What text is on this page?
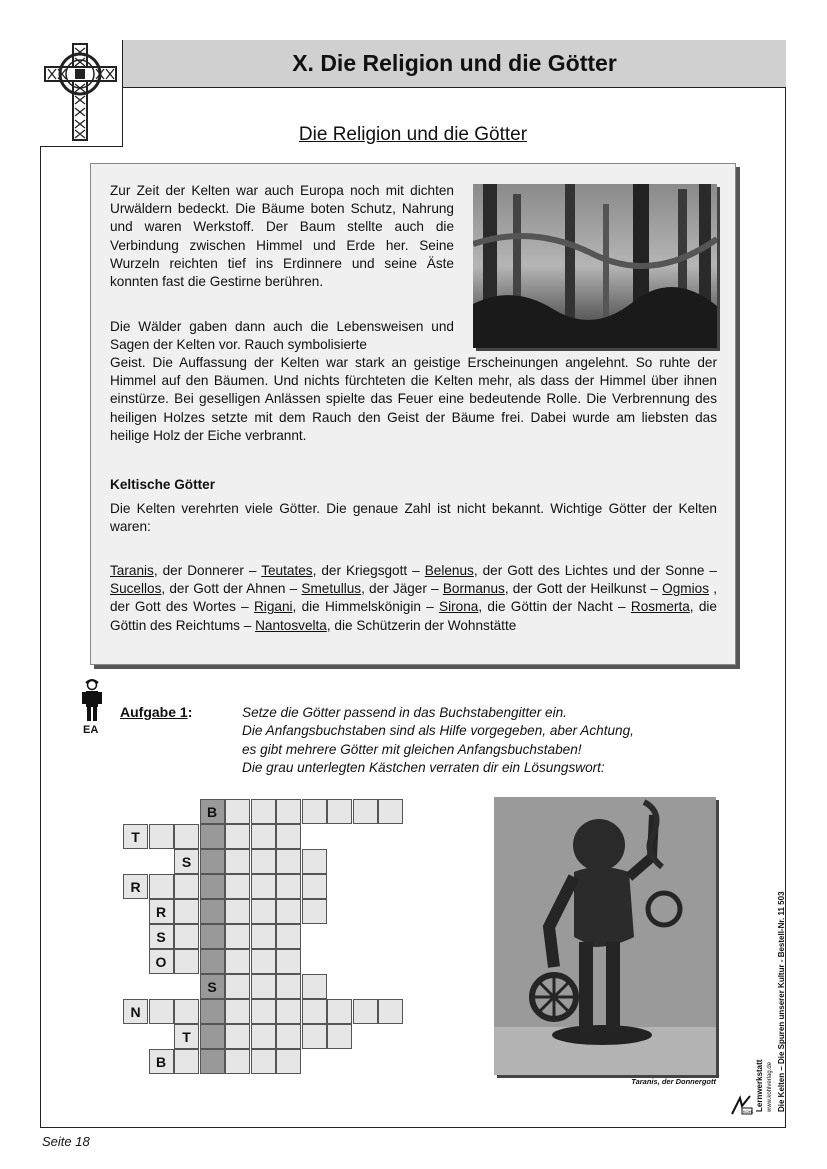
X. Die Religion und die Götter
Die Religion und die Götter

Zur Zeit der Kelten war auch Europa noch mit dichten Urwäldern bedeckt. Die Bäume boten Schutz, Nahrung und waren Werkstoff. Der Baum stellte auch die Verbindung zwischen Himmel und Erde her. Seine Wurzeln reichten tief ins Erdinnere und seine Äste konnten fast die Gestirne berühren.

Die Wälder gaben dann auch die Lebensweisen und Sagen der Kelten vor. Rauch symbolisierte

Geist. Die Auffassung der Kelten war stark an geistige Erscheinungen angelehnt. So ruhte der Himmel auf den Bäumen. Und nichts fürchteten die Kelten mehr, als dass der Himmel über ihnen einstürze. Bei geselligen Anlässen spielte das Feuer eine bedeutende Rolle. Die Verbrennung des heiligen Holzes setzte mit dem Rauch den Geist der Bäume frei. Dabei wurde am liebsten das heilige Holz der Eiche verbrannt.

Keltische Götter

Die Kelten verehrten viele Götter. Die genaue Zahl ist nicht bekannt. Wichtige Götter der Kelten waren:

Taranis, der Donnerer – Teutates, der Kriegsgott – Belenus, der Gott des Lichtes und der Sonne – Sucellos, der Gott der Ahnen – Smetullus, der Jäger – Bormanus, der Gott der Heilkunst – Ogmios , der Gott des Wortes – Rigani, die Himmelskönigin – Sirona, die Göttin der Nacht – Rosmerta, die Göttin des Reichtums – Nantosvelta, die Schützerin der Wohnstätte

EA
Aufgabe 1:	Setze die Götter passend in das Buchstabengitter ein.
Die Anfangsbuchstaben sind als Hilfe vorgegeben, aber Achtung,
es gibt mehrere Götter mit gleichen Anfangsbuchstaben!
Die grau unterlegten Kästchen verraten dir ein Lösungswort:
B
T
S
R
R
S
O
S
N
T
B
Taranis, der Donnergott	Die Kelten – Die Spuren unserer Kultur - Bestell-Nr. 11 503
Lernwerkstatt
KOHL www.kohlverlag.de
Seite 18
